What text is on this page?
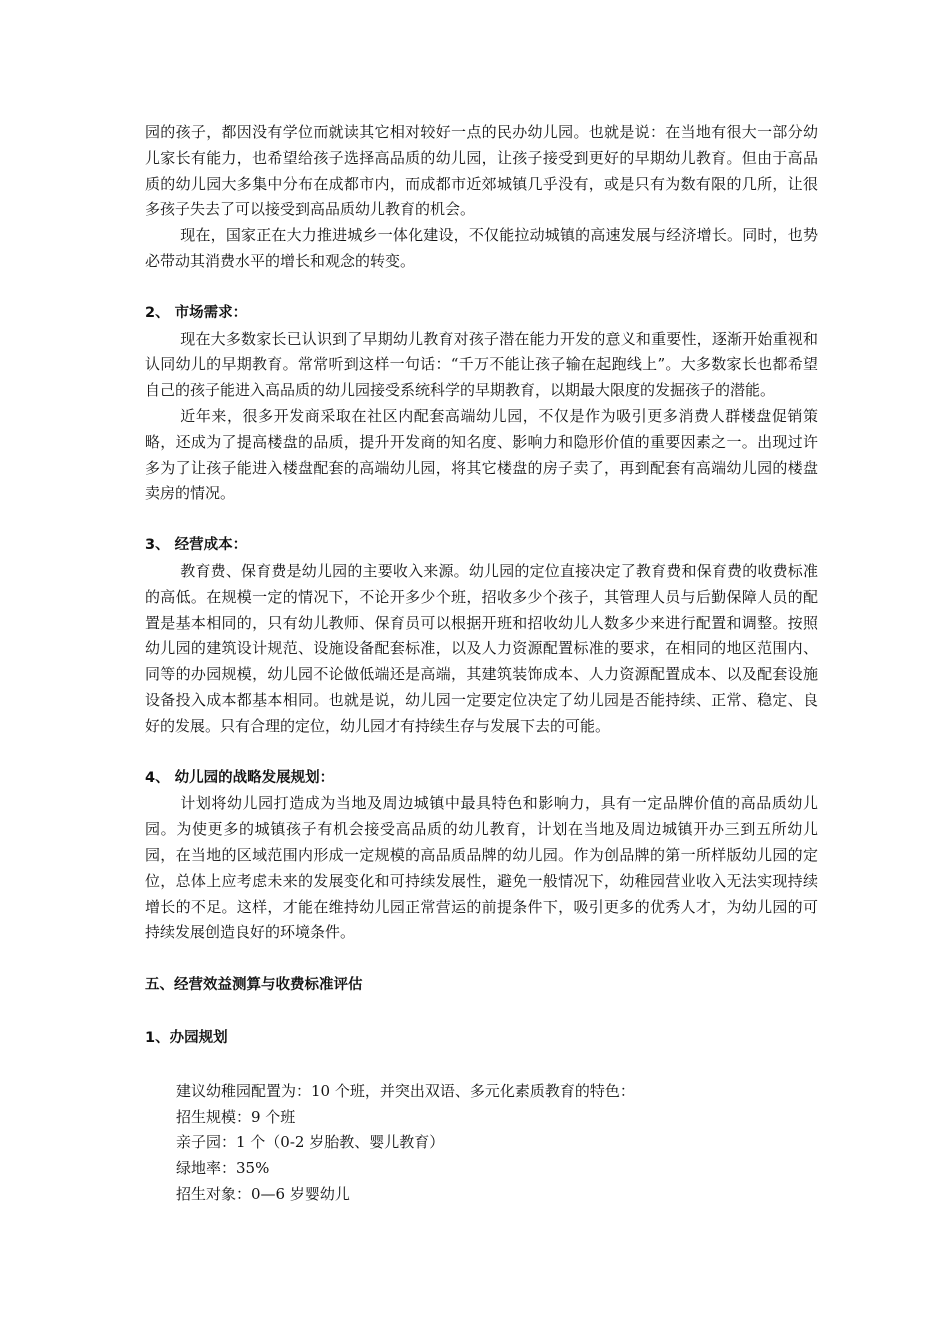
园的孩子，都因没有学位而就读其它相对较好一点的民办幼儿园。也就是说：在当地有很大一部分幼儿家长有能力，也希望给孩子选择高品质的幼儿园，让孩子接受到更好的早期幼儿教育。但由于高品质的幼儿园大多集中分布在成都市内，而成都市近郊城镇几乎没有，或是只有为数有限的几所，让很多孩子失去了可以接受到高品质幼儿教育的机会。

现在，国家正在大力推进城乡一体化建设，不仅能拉动城镇的高速发展与经济增长。同时，也势必带动其消费水平的增长和观念的转变。

2、 市场需求：

现在大多数家长已认识到了早期幼儿教育对孩子潜在能力开发的意义和重要性，逐渐开始重视和认同幼儿的早期教育。常常听到这样一句话：“千万不能让孩子输在起跑线上”。大多数家长也都希望自己的孩子能进入高品质的幼儿园接受系统科学的早期教育，以期最大限度的发掘孩子的潜能。

近年来，很多开发商采取在社区内配套高端幼儿园，不仅是作为吸引更多消费人群楼盘促销策略，还成为了提高楼盘的品质，提升开发商的知名度、影响力和隐形价值的重要因素之一。出现过许多为了让孩子能进入楼盘配套的高端幼儿园，将其它楼盘的房子卖了，再到配套有高端幼儿园的楼盘卖房的情况。

3、 经营成本：

教育费、保育费是幼儿园的主要收入来源。幼儿园的定位直接决定了教育费和保育费的收费标准的高低。在规模一定的情况下，不论开多少个班，招收多少个孩子，其管理人员与后勤保障人员的配置是基本相同的，只有幼儿教师、保育员可以根据开班和招收幼儿人数多少来进行配置和调整。按照幼儿园的建筑设计规范、设施设备配套标准，以及人力资源配置标准的要求，在相同的地区范围内、同等的办园规模，幼儿园不论做低端还是高端，其建筑装饰成本、人力资源配置成本、以及配套设施设备投入成本都基本相同。也就是说，幼儿园一定要定位决定了幼儿园是否能持续、正常、稳定、良好的发展。只有合理的定位，幼儿园才有持续生存与发展下去的可能。

4、 幼儿园的战略发展规划：

计划将幼儿园打造成为当地及周边城镇中最具特色和影响力，具有一定品牌价值的高品质幼儿园。为使更多的城镇孩子有机会接受高品质的幼儿教育，计划在当地及周边城镇开办三到五所幼儿园，在当地的区域范围内形成一定规模的高品质品牌的幼儿园。作为创品牌的第一所样版幼儿园的定位，总体上应考虑未来的发展变化和可持续发展性，避免一般情况下，幼稚园营业收入无法实现持续增长的不足。这样，才能在维持幼儿园正常营运的前提条件下，吸引更多的优秀人才，为幼儿园的可持续发展创造良好的环境条件。

五、经营效益测算与收费标准评估
1、办园规划

建议幼稚园配置为：10 个班，并突出双语、多元化素质教育的特色：

招生规模：9 个班

亲子园：1 个（0-2 岁胎教、婴儿教育）

绿地率：35%

招生对象：0—6 岁婴幼儿
